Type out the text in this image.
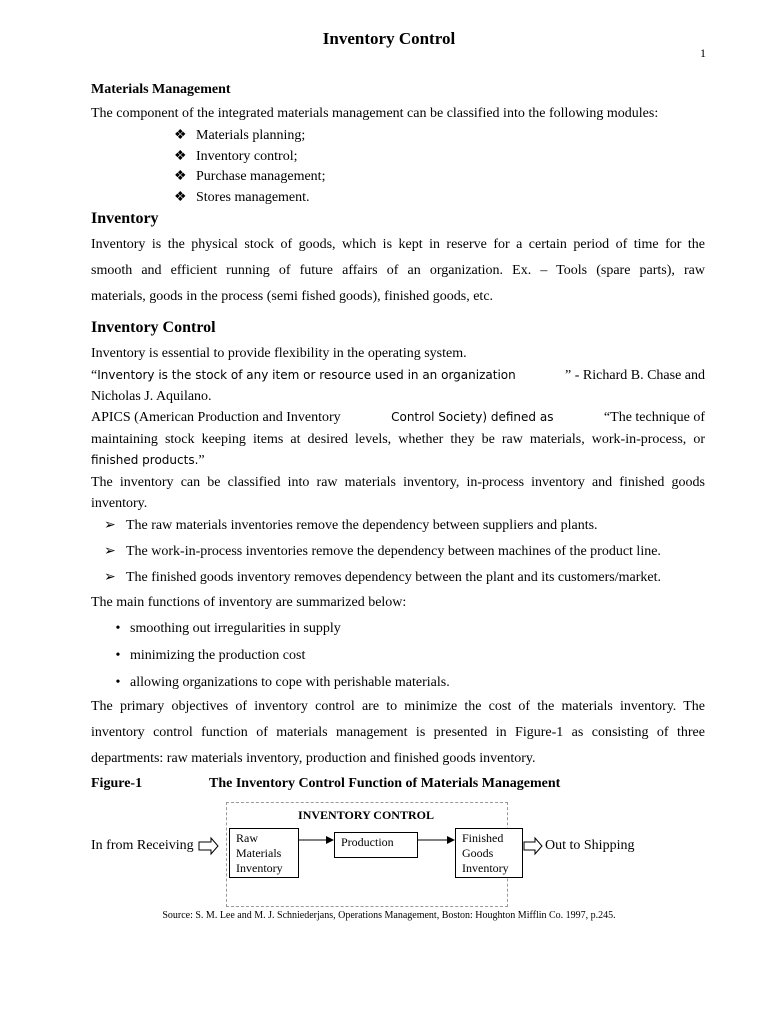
Inventory Control
1
Materials Management
The component of the integrated materials management can be classified into the following modules:
❖ Materials planning;
❖ Inventory control;
❖ Purchase management;
❖ Stores management.
Inventory
Inventory is the physical stock of goods, which is kept in reserve for a certain period of time for the
smooth and efficient running of future affairs of an organization. Ex. – Tools (spare parts), raw
materials, goods in the process (semi fished goods), finished goods, etc.
Inventory Control
Inventory is essential to provide flexibility in the operating system.
“Inventory is the stock of any item or resource used in an organization	” - Richard B. Chase and
Nicholas J. Aquilano.
APICS (American Production and Inventory	Control Society) defined as	“The technique of
maintaining stock keeping items at desired levels, whether they be raw materials, work-in-process, or
finished products.”
The inventory can be classified into raw materials inventory, in-process inventory and finished goods
inventory.
➢ The raw materials inventories remove the dependency between suppliers and plants.
➢ The work-in-process inventories remove the dependency between machines of the product line.
➢ The finished goods inventory removes dependency between the plant and its customers/market.
The main functions of inventory are summarized below:
• smoothing out irregularities in supply
• minimizing the production cost
• allowing organizations to cope with perishable materials.
The primary objectives of inventory control are to minimize the cost of the materials inventory. The
inventory control function of materials management is presented in Figure-1 as consisting of three
departments: raw materials inventory, production and finished goods inventory.
Figure-1	The Inventory Control Function of Materials Management
INVENTORY CONTROL
In from Receiving	Raw Materials Inventory
Production	Finished Goods Inventory
Out to Shipping
Source: S. M. Lee and M. J. Schniederjans, Operations Management, Boston: Houghton Mifflin Co. 1997, p.245.
